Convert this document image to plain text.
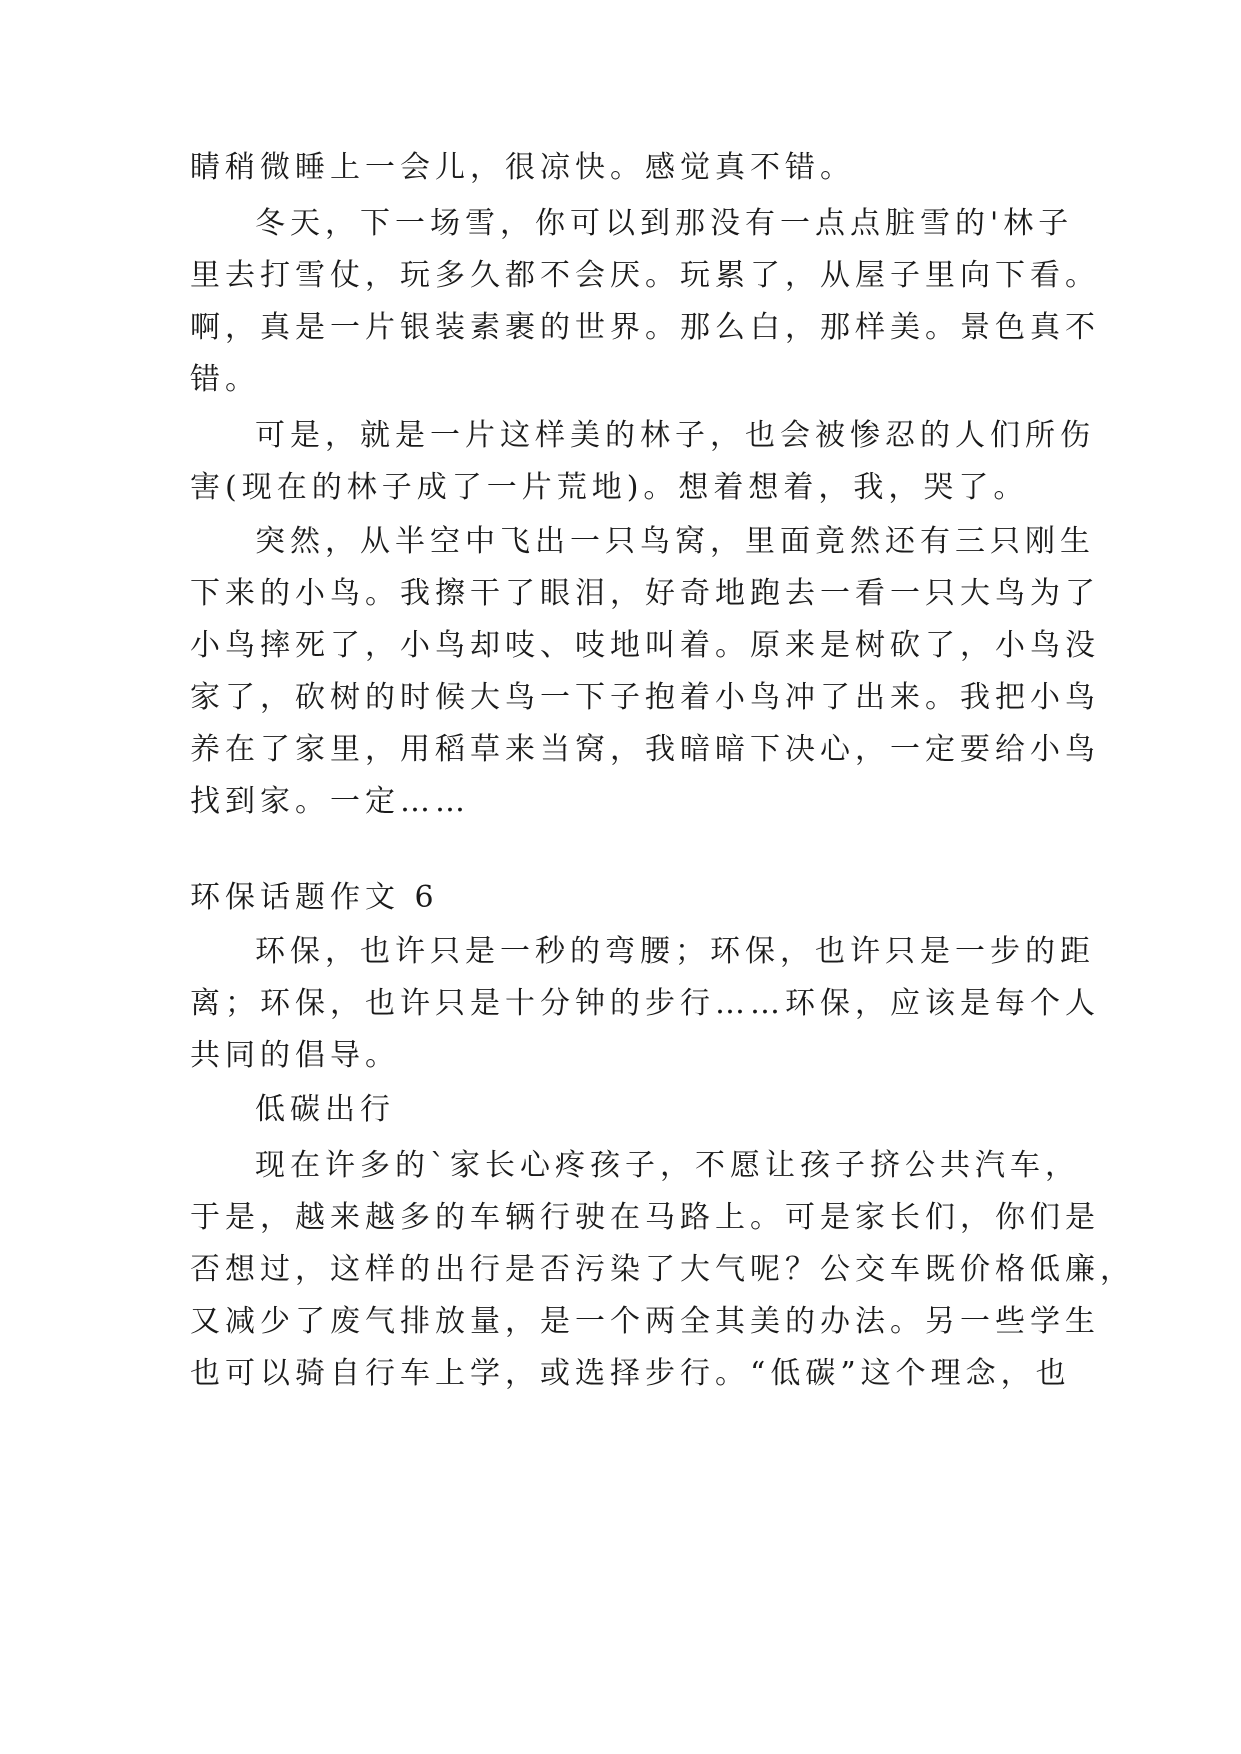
睛稍微睡上一会儿，很凉快。感觉真不错。
冬天，下一场雪，你可以到那没有一点点脏雪的'林子
里去打雪仗，玩多久都不会厌。玩累了，从屋子里向下看。
啊，真是一片银装素裹的世界。那么白，那样美。景色真不
错。
可是，就是一片这样美的林子，也会被惨忍的人们所伤
害(现在的林子成了一片荒地)。想着想着，我，哭了。
突然，从半空中飞出一只鸟窝，里面竟然还有三只刚生
下来的小鸟。我擦干了眼泪，好奇地跑去一看一只大鸟为了
小鸟摔死了，小鸟却吱、吱地叫着。原来是树砍了，小鸟没
家了，砍树的时候大鸟一下子抱着小鸟冲了出来。我把小鸟
养在了家里，用稻草来当窝，我暗暗下决心，一定要给小鸟
找到家。一定……
环保话题作文 6
环保，也许只是一秒的弯腰；环保，也许只是一步的距
离；环保，也许只是十分钟的步行……环保，应该是每个人
共同的倡导。
低碳出行
现在许多的`家长心疼孩子，不愿让孩子挤公共汽车，
于是，越来越多的车辆行驶在马路上。可是家长们，你们是
否想过，这样的出行是否污染了大气呢？公交车既价格低廉，
又减少了废气排放量，是一个两全其美的办法。另一些学生
也可以骑自行车上学，或选择步行。“低碳”这个理念，也
